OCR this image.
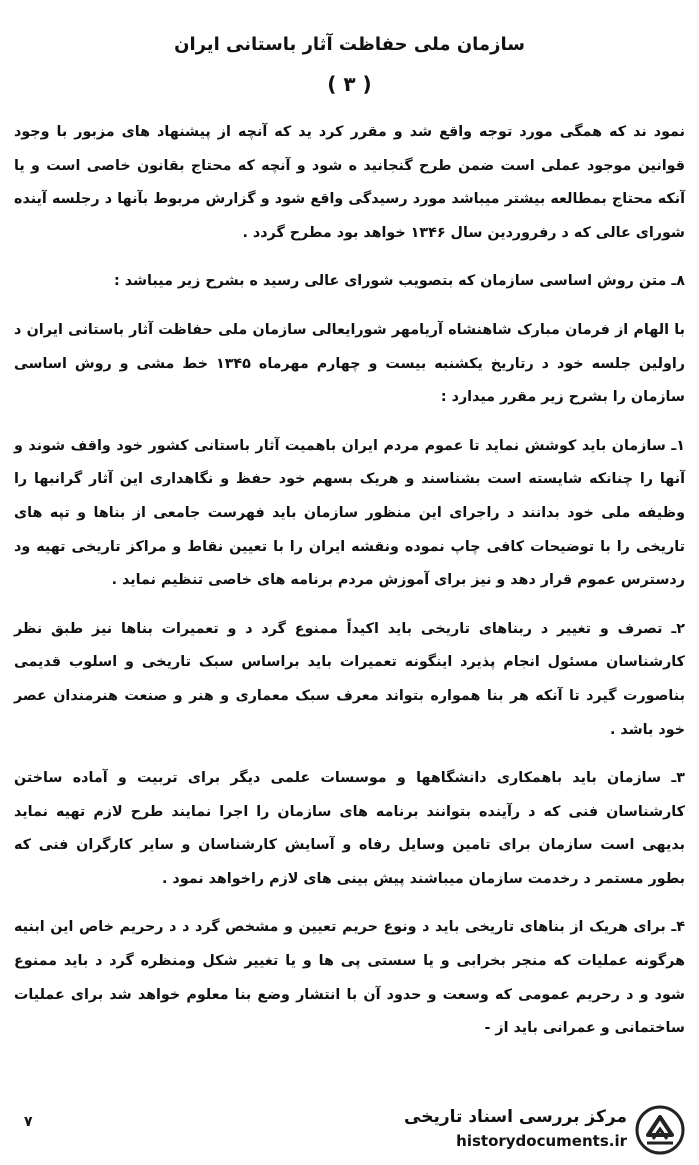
سازمان ملی حفاظت آثار باستانی ایران
( ۳ )

نمود ند که همگی مورد توجه واقع شد و مقرر کرد ید که آنچه از پیشنهاد های مزبور با وجود قوانین موجود عملی است ضمن طرح گنجانید ه شود و آنچه که محتاج بقانون خاصی است و یا آنکه محتاج بمطالعه بیشتر میباشد مورد رسیدگی واقع شود و گزارش مربوط بآنها د رجلسه آینده شورای عالی که د رفروردین سال ۱۳۴۶ خواهد بود مطرح گردد .

۸ـ متن روش اساسی سازمان که بتصویب شورای عالی رسید ه بشرح زیر میباشد :

با الهام از فرمان مبارک شاهنشاه آریامهر شورایعالی سازمان ملی حفاظت آثار باستانی ایران د راولین جلسه خود د رتاریخ یکشنبه بیست و چهارم مهرماه ۱۳۴۵ خط مشی و روش اساسی سازمان را بشرح زیر مقرر میدارد :

۱ـ سازمان باید کوشش نماید تا عموم مردم ایران باهمیت آثار باستانی کشور خود واقف شوند و آنها را چنانکه شایسته است بشناسند و هریک بسهم خود حفظ و نگاهداری این آثار گرانبها را وظیفه ملی خود بدانند د راجرای این منظور سازمان باید فهرست جامعی از بناها و تپه های تاریخی را با توضیحات کافی چاپ نموده ونقشه ایران را با تعیین نقاط و مراکز تاریخی تهیه ود ردسترس عموم قرار دهد و نیز برای آموزش مردم برنامه های خاصی تنظیم نماید .

۲ـ تصرف و تغییر د ربناهای تاریخی باید اکیداً ممنوع گرد د و تعمیرات بناها نیز طبق نظر کارشناسان مسئول انجام پذیرد اینگونه تعمیرات باید براساس سبک تاریخی و اسلوب قدیمی بناصورت گیرد تا آنکه هر بنا همواره بتواند معرف سبک معماری و هنر و صنعت هنرمندان عصر خود باشد .

۳ـ سازمان باید باهمکاری دانشگاهها و موسسات علمی دیگر برای تربیت و آماده ساختن کارشناسان فنی که د رآینده بتوانند برنامه های سازمان را اجرا نمایند طرح لازم تهیه نماید بدیهی است سازمان برای تامین وسایل رفاه و آسایش کارشناسان و سایر کارگران فنی که بطور مستمر د رخدمت سازمان میباشند پیش بینی های لازم راخواهد نمود .

۴ـ برای هریک از بناهای تاریخی باید د ونوع حریم تعیین و مشخص گرد د د رحریم خاص این ابنیه هرگونه عملیات که منجر بخرابی و یا سستی پی ها و یا تغییر شکل ومنظره گرد د باید ممنوع شود و د رحریم عمومی که وسعت و حدود آن با انتشار وضع بنا معلوم خواهد شد برای عملیات ساختمانی و عمرانی باید از -

۷	مرکز بررسی اسناد تاریخی
historydocuments.ir
